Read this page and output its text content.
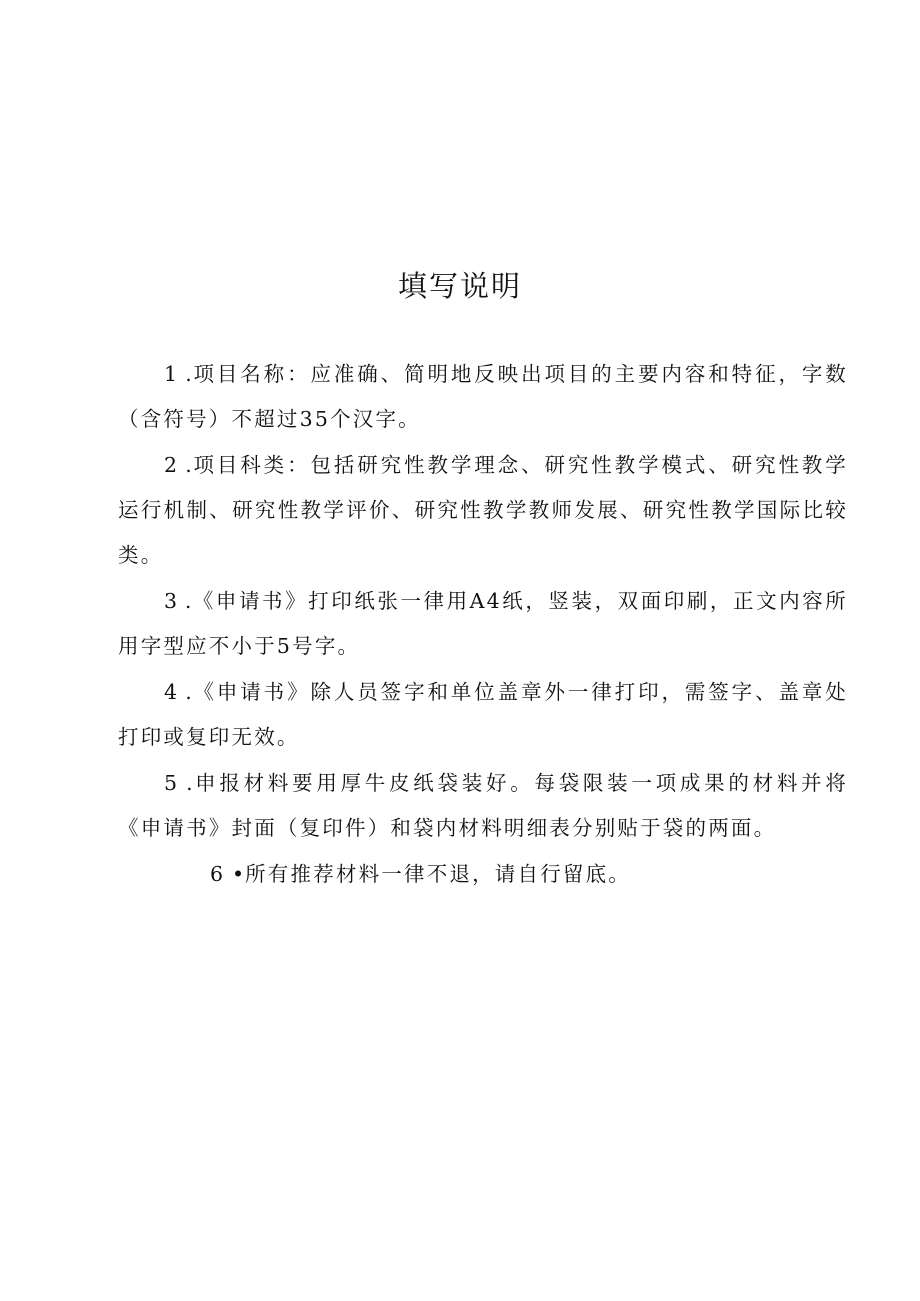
填写说明

1 .项目名称：应准确、简明地反映出项目的主要内容和特征，字数（含符号）不超过35个汉字。

2 .项目科类：包括研究性教学理念、研究性教学模式、研究性教学运行机制、研究性教学评价、研究性教学教师发展、研究性教学国际比较类。

3 .《申请书》打印纸张一律用A4纸，竖装，双面印刷，正文内容所用字型应不小于5号字。

4 .《申请书》除人员签字和单位盖章外一律打印，需签字、盖章处打印或复印无效。

5 .申报材料要用厚牛皮纸袋装好。每袋限装一项成果的材料并将《申请书》封面（复印件）和袋内材料明细表分别贴于袋的两面。

6 •所有推荐材料一律不退，请自行留底。
